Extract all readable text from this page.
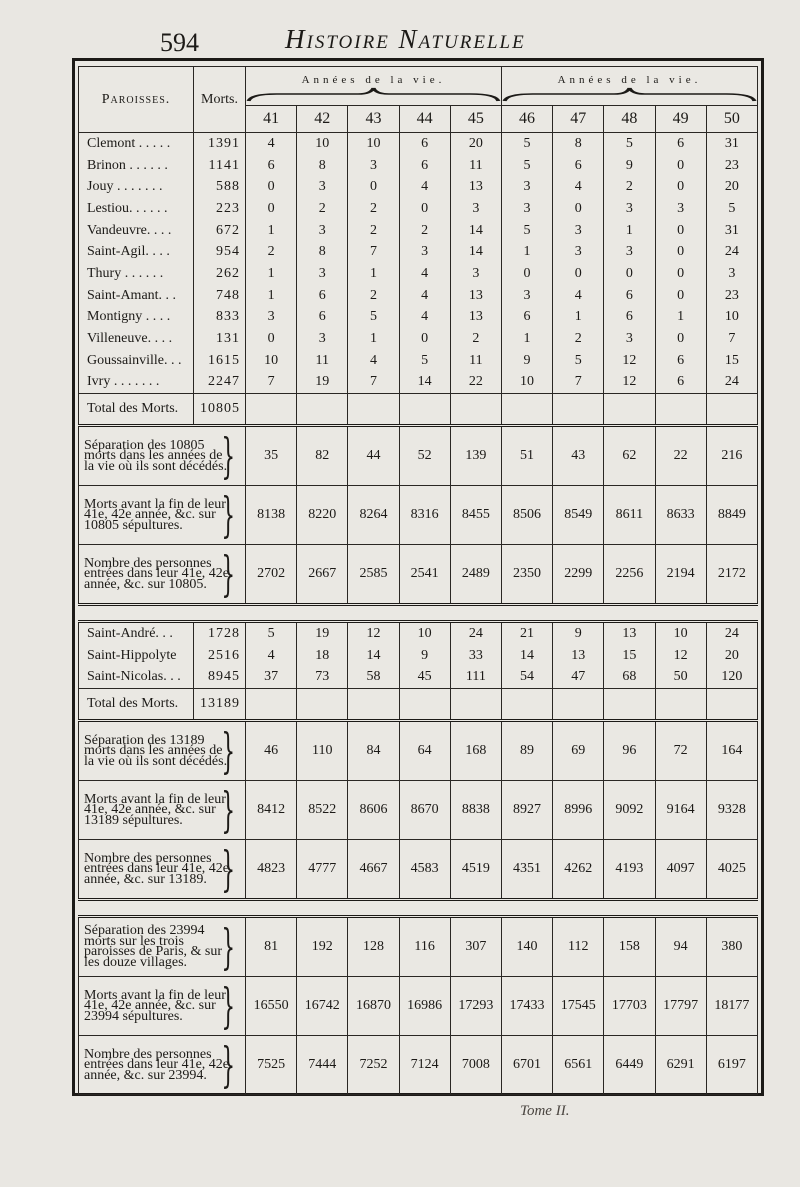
594	Histoire Naturelle
Paroisses.	Morts.	Années de la vie.					Années de la vie.				

		41	42	43	44	45	46	47	48	49	50
Clemont . . . . .	1391	4	10	10	6	20	5	8	5	6	31
Brinon . . . . . .	1141	6	8	3	6	11	5	6	9	0	23
Jouy . . . . . . .	588	0	3	0	4	13	3	4	2	0	20
Lestiou. . . . . .	223	0	2	2	0	3	3	0	3	3	5
Vandeuvre. . . .	672	1	3	2	2	14	5	3	1	0	31
Saint-Agil. . . .	954	2	8	7	3	14	1	3	3	0	24
Thury . . . . . .	262	1	3	1	4	3	0	0	0	0	3
Saint-Amant. . .	748	1	6	2	4	13	3	4	6	0	23
Montigny . . . .	833	3	6	5	4	13	6	1	6	1	10
Villeneuve. . . .	131	0	3	1	0	2	1	2	3	0	7
Goussainville. . .	1615	10	11	4	5	11	9	5	12	6	15
Ivry . . . . . . .	2247	7	19	7	14	22	10	7	12	6	24
Total des Morts.	10805										
Séparation des 10805 morts dans les années de la vie où ils sont décédés.
}		35	82	44	52	139	51	43	62	22	216
Morts avant la fin de leur 41e, 42e année, &c. sur 10805 sépultures. }		8138	8220	8264	8316	8455	8506	8549	8611	8633	8849
Nombre des personnes entrées dans leur 41e, 42e année, &c. sur 10805. }		2702	2667	2585	2541	2489	2350	2299	2256	2194	2172

Saint-André. . .	1728	5	19	12	10	24	21	9	13	10	24
Saint-Hippolyte	2516	4	18	14	9	33	14	13	15	12	20
Saint-Nicolas. . .	8945	37	73	58	45	111	54	47	68	50	120
Total des Morts.	13189										
Séparation des 13189 morts dans les années de la vie où ils sont décédés.
}		46	110	84	64	168	89	69	96	72	164
Morts avant la fin de leur 41e, 42e année, &c. sur 13189 sépultures. }		8412	8522	8606	8670	8838	8927	8996	9092	9164	9328
Nombre des personnes entrées dans leur 41e, 42e année, &c. sur 13189. }		4823	4777	4667	4583	4519	4351	4262	4193	4097	4025

Séparation des 23994 morts sur les trois paroisses de Paris, & sur les douze villages. }		81	192	128	116	307	140	112	158	94	380
Morts avant la fin de leur 41e, 42e année, &c. sur 23994 sépultures. }		16550	16742	16870	16986	17293	17433	17545	17703	17797	18177
Nombre des personnes entrées dans leur 41e, 42e année, &c. sur 23994. }		7525	7444	7252	7124	7008	6701	6561	6449	6291	6197
Tome II.
